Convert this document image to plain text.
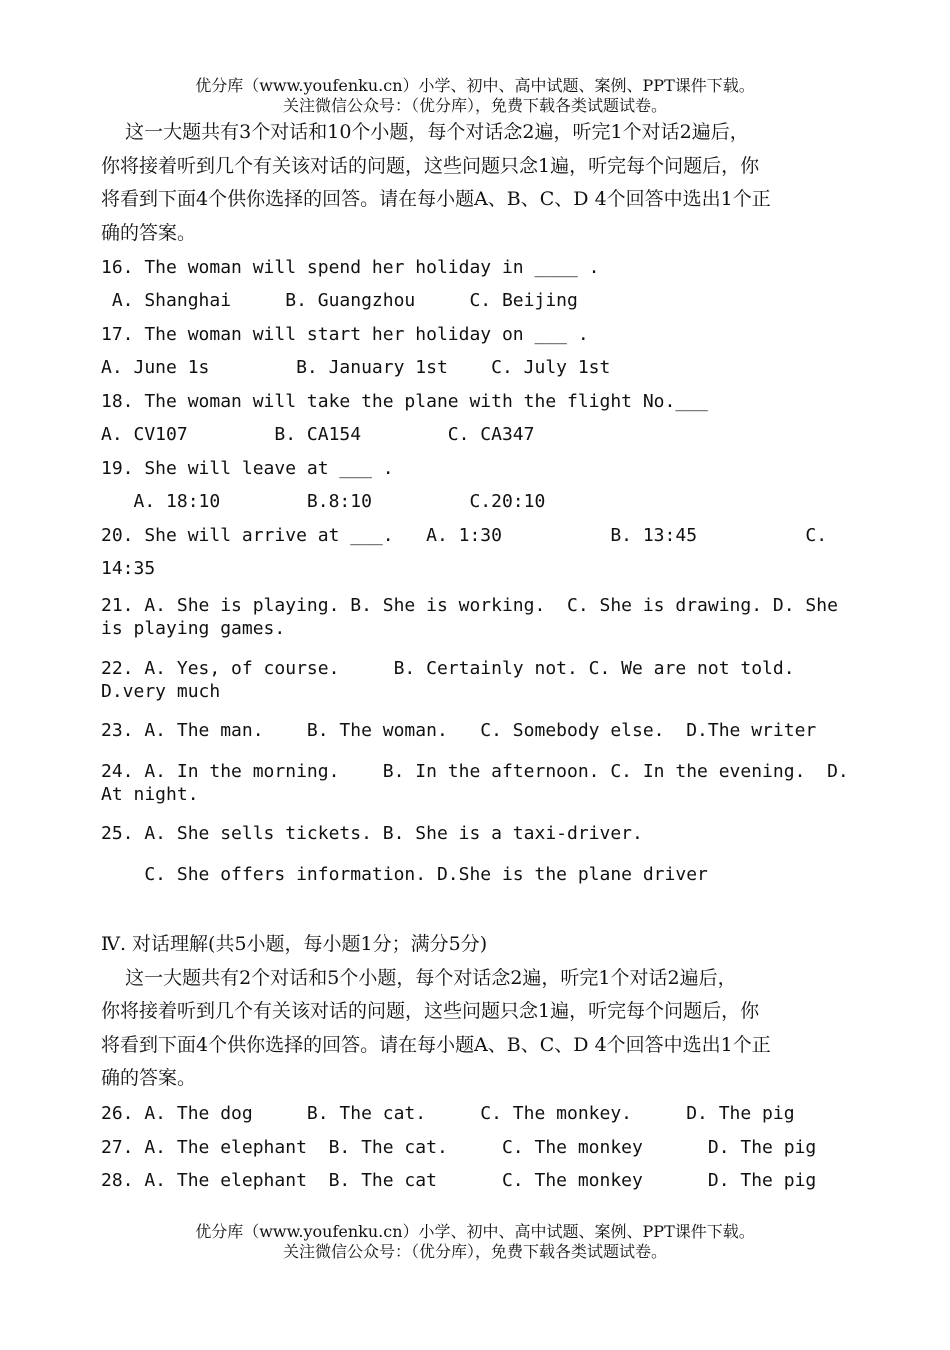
优分库（www.youfenku.cn）小学、初中、高中试题、案例、PPT课件下载。
关注微信公众号：（优分库），免费下载各类试题试卷。
这一大题共有3个对话和10个小题，每个对话念2遍，听完1个对话2遍后，
你将接着听到几个有关该对话的问题，这些问题只念1遍，听完每个问题后，你
将看到下面4个供你选择的回答。请在每小题A、B、C、D 4个回答中选出1个正
确的答案。
16. The woman will spend her holiday in ____ .
A. Shanghai     B. Guangzhou     C. Beijing
17. The woman will start her holiday on ___ .
A. June 1s        B. January 1st    C. July 1st
18. The woman will take the plane with the flight No.___
A. CV107        B. CA154        C. CA347
19. She will leave at ___ .
A. 18:10        B.8:10         C.20:10
20. She will arrive at ___.   A. 1:30          B. 13:45          C.
14:35
21. A. She is playing. B. She is working.  C. She is drawing. D. She
is playing games.
22. A. Yes, of course.     B. Certainly not. C. We are not told.
D.very much
23. A. The man.    B. The woman.   C. Somebody else.  D.The writer
24. A. In the morning.    B. In the afternoon. C. In the evening.  D.
At night.
25. A. She sells tickets. B. She is a taxi-driver.
C. She offers information. D.She is the plane driver
Ⅳ. 对话理解(共5小题，每小题1分；满分5分)
这一大题共有2个对话和5个小题，每个对话念2遍，听完1个对话2遍后，
你将接着听到几个有关该对话的问题，这些问题只念1遍，听完每个问题后，你
将看到下面4个供你选择的回答。请在每小题A、B、C、D 4个回答中选出1个正
确的答案。
26. A. The dog     B. The cat.     C. The monkey.     D. The pig
27. A. The elephant  B. The cat.     C. The monkey      D. The pig
28. A. The elephant  B. The cat      C. The monkey      D. The pig
优分库（www.youfenku.cn）小学、初中、高中试题、案例、PPT课件下载。
关注微信公众号：（优分库），免费下载各类试题试卷。
